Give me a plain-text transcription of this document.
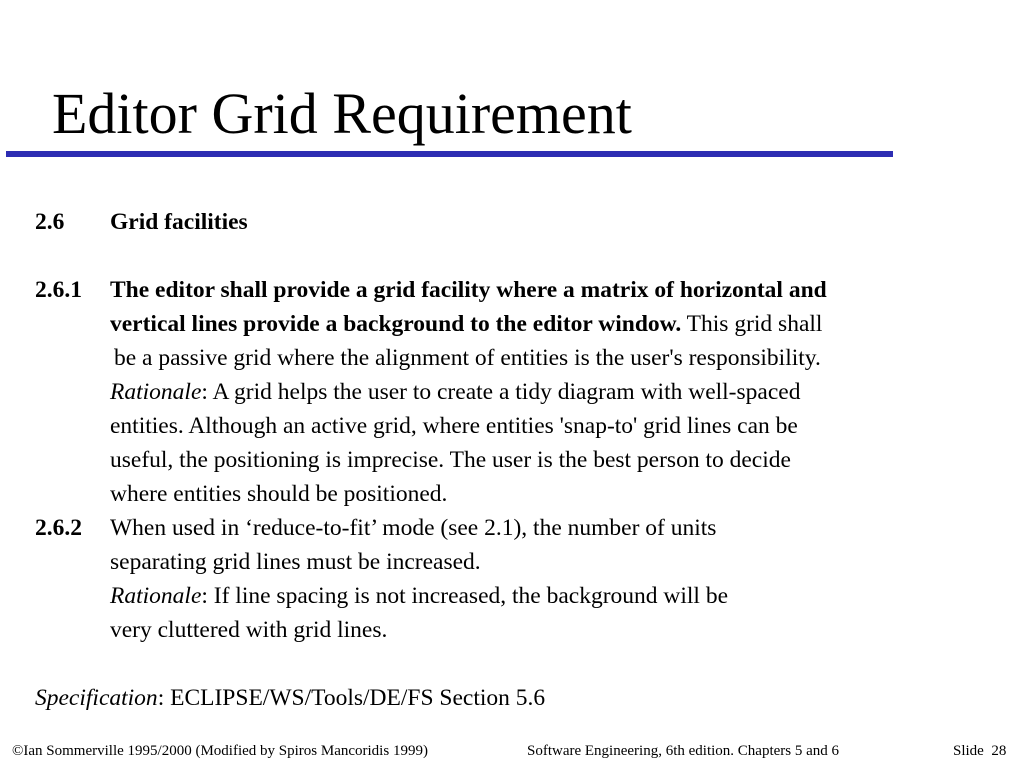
Editor Grid Requirement
2.6 Grid facilities
2.6.1 The editor shall provide a grid facility where a matrix of horizontal and
vertical lines provide a background to the editor window. This grid shall
be a passive grid where the alignment of entities is the user's responsibility.
Rationale: A grid helps the user to create a tidy diagram with well-spaced
entities. Although an active grid, where entities 'snap-to' grid lines can be
useful, the positioning is imprecise. The user is the best person to decide
where entities should be positioned.
2.6.2 When used in ‘reduce-to-fit’ mode (see 2.1), the number of units
separating grid lines must be increased.
Rationale: If line spacing is not increased, the background will be
very cluttered with grid lines.
Specification: ECLIPSE/WS/Tools/DE/FS Section 5.6
©Ian Sommerville 1995/2000 (Modified by Spiros Mancoridis 1999)	Software Engineering, 6th edition. Chapters 5 and 6	Slide 28
